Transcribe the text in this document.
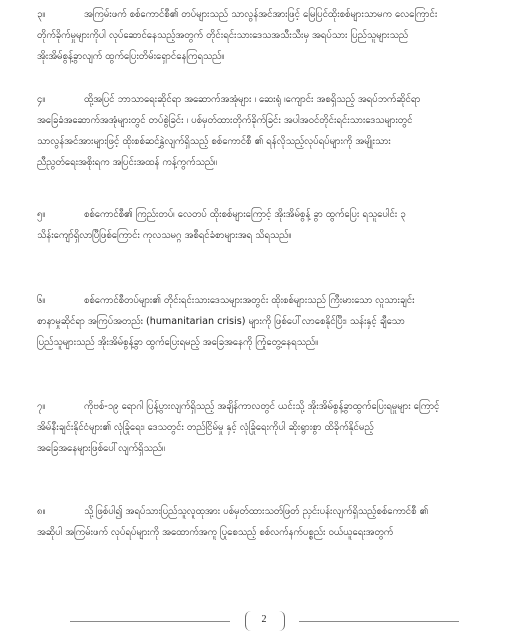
၃။	အကြမ်းဖက် စစ်ကောင်စီ၏ တပ်များသည် သာလွန်အင်အားဖြင့် မြေပြင်ထိုးစစ်များသာမက လေကြောင်း
တိုက်ခိုက်မှုများကိုပါ လုပ်ဆောင်နေသည့်အတွက် တိုင်းရင်းသားဒေသအသီးသီးမှ အရပ်သား ပြည်သူများသည်
အိုးအိမ်စွန့်ခွာလျက် ထွက်ပြေးတိမ်းရှောင်နေကြရသည်။
၄။	ထို့အပြင် ဘာသာရေးဆိုင်ရာ အဆောက်အအုံများ ၊ ဆေးရုံ ၊ကျောင်း အစရှိသည့် အရပ်ဘက်ဆိုင်ရာ
အခြေခံအဆောက်အအုံများတွင် တပ်စွဲခြင်း ၊ ပစ်မှတ်ထားတိုက်ခိုက်ခြင်း အပါအဝင်တိုင်းရင်းသားဒေသများတွင်
သာလွန်အင်အားများဖြင့် ထိုးစစ်ဆင်နွှဲလျက်ရှိသည့် စစ်ကောင်စီ ၏ ရန်လိုသည့်လုပ်ရပ်များကို အမျိုးသား
ညီညွတ်ရေးအစိုးရက အပြင်းအထန် ကန့်ကွက်သည်။
၅။	စစ်ကောင်စီ၏ ကြည်းတပ်၊ လေတပ် ထိုးစစ်များကြောင့် အိုးအိမ်စွန့် ခွာ ထွက်ပြေး ရသူပေါင်း ၃
သိန်းကျော်ရှိလာပြီဖြစ်ကြောင်း ကုလသမဂ္ဂ အစီရင်ခံစာများအရ သိရသည်။
၆။	စစ်ကောင်စီတပ်များ၏ တိုင်းရင်းသားဒေသများအတွင်း ထိုးစစ်များသည် ကြီးမားသော လူသားချင်း
စာနာမှုဆိုင်ရာ အကြပ်အတည်း (humanitarian crisis) များကို ဖြစ်ပေါ်လာစေနိုင်ပြီး၊ သန်းနှင့် ချီသော
ပြည်သူများသည် အိုးအိမ်စွန့်ခွာ ထွက်ပြေးရမည့် အခြေအနေကို ကြုံတွေ့နေရသည်။
၇။	ကိုဗစ်-၁၉ ရောဂါ ပြန့်ပွားလျက်ရှိသည့် အချိန်ကာလတွင် ယင်းသို့ အိုးအိမ်စွန့်ခွာထွက်ပြေးရမှုများ ကြောင့်
အိမ်နီးချင်းနိုင်ငံများ၏ လုံခြုံရေး၊ ဒေသတွင်း တည်ငြိမ်မှု နှင့် လုံခြုံရေးကိုပါ ဆိုးရွားစွာ ထိခိုက်နိုင်မည့်
အခြေအနေများဖြစ်ပေါ်လျက်ရှိသည်။
၈။	သို့ဖြစ်ပါ၍ အရပ်သားပြည်သူလူထုအား ပစ်မှတ်ထားသတ်ဖြတ် ညှင်းပန်းလျက်ရှိသည့်စစ်ကောင်စီ ၏
အဆိုပါ အကြမ်းဖက် လုပ်ရပ်များကို အထောက်အကူ ပြုစေသည့် စစ်လက်နက်ပစ္စည်း ဝယ်ယူရေးအတွက်
2
